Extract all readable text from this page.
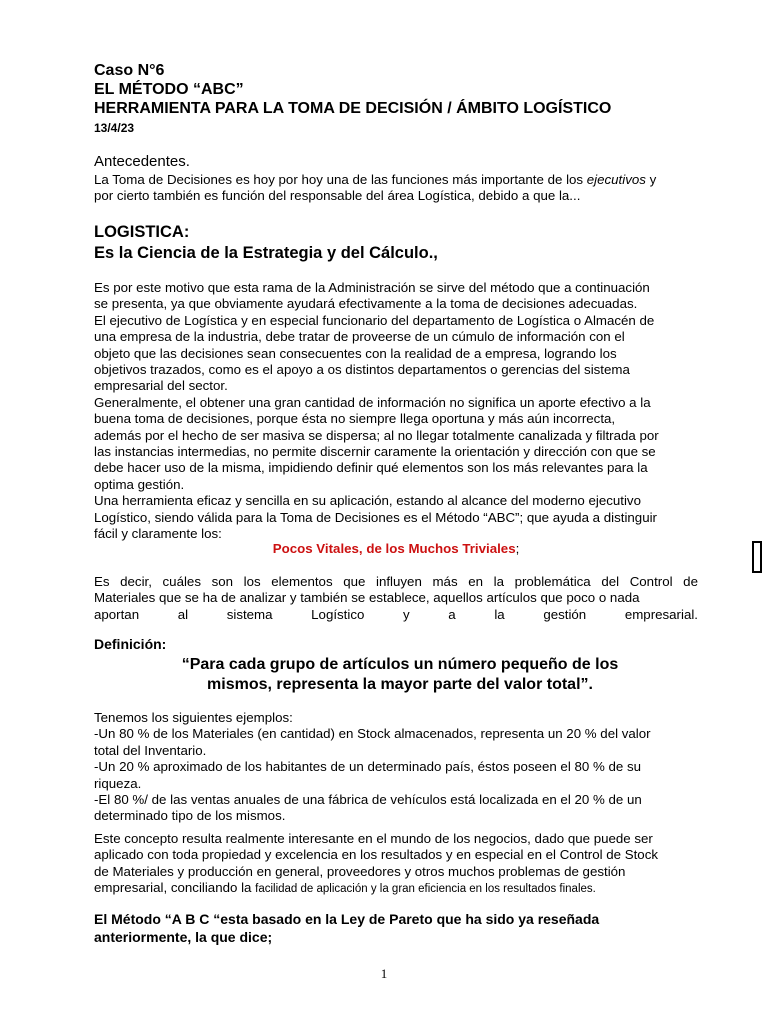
Caso N°6
EL MÉTODO “ABC”
HERRAMIENTA PARA LA TOMA DE DECISIÓN / ÁMBITO LOGÍSTICO
13/4/23
Antecedentes.
La Toma de Decisiones es hoy por hoy una de las funciones más importante de los ejecutivos y
por cierto también es función del responsable del área Logística, debido a que la...
LOGISTICA:
Es la Ciencia de la Estrategia y del Cálculo.,
Es por este motivo que esta rama de la Administración se sirve del método que a continuación
se presenta, ya que obviamente ayudará efectivamente a la toma de decisiones adecuadas.
El ejecutivo de Logística y en especial funcionario del departamento de Logística o Almacén de
una empresa de la industria, debe tratar de proveerse de un cúmulo de información con el
objeto que las decisiones sean consecuentes con la realidad de a empresa, logrando los
objetivos trazados, como es el apoyo a os distintos departamentos o gerencias del sistema
empresarial del sector.
Generalmente, el obtener una gran cantidad de información no significa un aporte efectivo a la
buena toma de decisiones, porque ésta no siempre llega oportuna y más aún incorrecta,
además por el hecho de ser masiva se dispersa; al no llegar totalmente canalizada y filtrada por
las instancias intermedias, no permite discernir caramente la orientación y dirección con que se
debe hacer uso de la misma, impidiendo definir qué elementos son los más relevantes para la
optima gestión.
Una herramienta eficaz y sencilla en su aplicación, estando al alcance del moderno ejecutivo
Logístico, siendo válida para la Toma de Decisiones es el Método “ABC”; que ayuda a distinguir
fácil y claramente los:
Pocos Vitales, de los Muchos Triviales;
Es decir, cuáles son los elementos que influyen más en la problemática del Control de
Materiales que se ha de analizar y también se establece, aquellos artículos que poco o nada
aportan	al	sistema	Logístico	y	a	la	gestión	empresarial.
Definición:
“Para cada grupo de artículos un número pequeño de los
mismos, representa la mayor parte del valor total”.
Tenemos los siguientes ejemplos:
-Un 80 % de los Materiales (en cantidad) en Stock almacenados, representa un 20 % del valor
total del Inventario.
-Un 20 % aproximado de los habitantes de un determinado país, éstos poseen el 80 % de su
riqueza.
-El 80 %/ de las ventas anuales de una fábrica de vehículos está localizada en el 20 % de un
determinado tipo de los mismos.
Este concepto resulta realmente interesante en el mundo de los negocios, dado que puede ser
aplicado con toda propiedad y excelencia en los resultados y en especial en el Control de Stock
de Materiales y producción en general, proveedores y otros muchos problemas de gestión
empresarial, conciliando la facilidad de aplicación y la gran eficiencia en los resultados finales.
El Método “A B C “esta basado en la Ley de Pareto que ha sido ya reseñada
anteriormente, la que dice;
1
